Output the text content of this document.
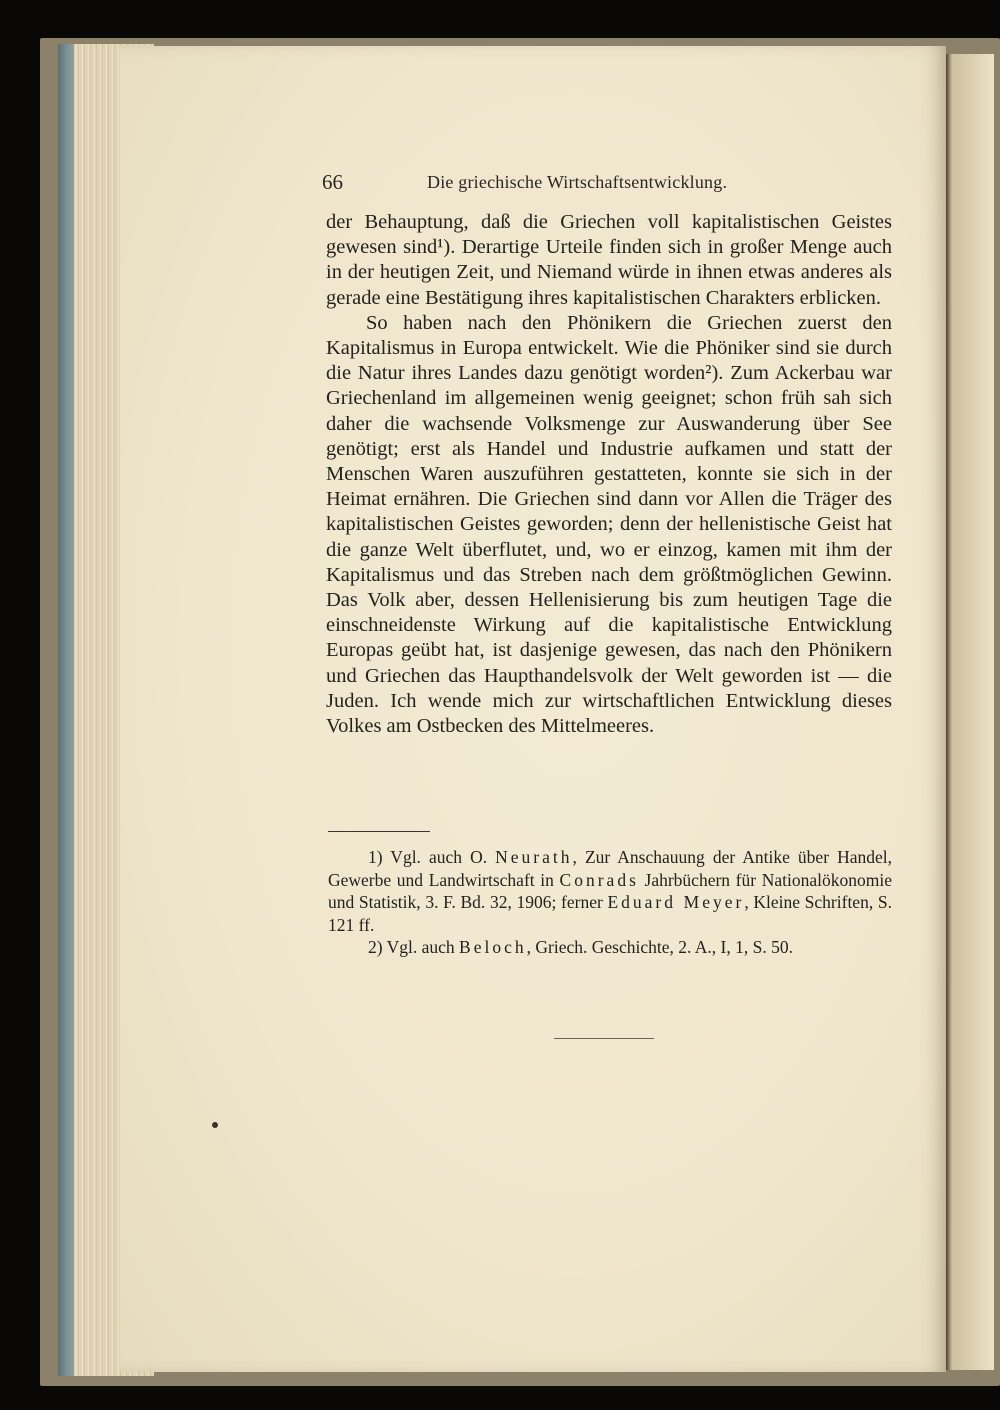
66	Die griechische Wirtschaftsentwicklung.

der Behauptung, daß die Griechen voll kapitalistischen Geistes gewesen sind¹). Derartige Urteile finden sich in großer Menge auch in der heutigen Zeit, und Niemand würde in ihnen etwas anderes als gerade eine Bestätigung ihres kapitalistischen Charakters erblicken.

So haben nach den Phönikern die Griechen zuerst den Kapitalismus in Europa entwickelt. Wie die Phöniker sind sie durch die Natur ihres Landes dazu genötigt worden²). Zum Ackerbau war Griechenland im allgemeinen wenig geeignet; schon früh sah sich daher die wachsende Volksmenge zur Auswanderung über See genötigt; erst als Handel und Industrie aufkamen und statt der Menschen Waren auszuführen gestatteten, konnte sie sich in der Heimat ernähren. Die Griechen sind dann vor Allen die Träger des kapitalistischen Geistes geworden; denn der hellenistische Geist hat die ganze Welt überflutet, und, wo er einzog, kamen mit ihm der Kapitalismus und das Streben nach dem größtmöglichen Gewinn. Das Volk aber, dessen Hellenisierung bis zum heutigen Tage die einschneidenste Wirkung auf die kapitalistische Entwicklung Europas geübt hat, ist dasjenige gewesen, das nach den Phönikern und Griechen das Haupthandelsvolk der Welt geworden ist — die Juden. Ich wende mich zur wirtschaftlichen Entwicklung dieses Volkes am Ostbecken des Mittelmeeres.

1) Vgl. auch O. Neurath, Zur Anschauung der Antike über Handel, Gewerbe und Landwirtschaft in Conrads Jahrbüchern für Nationalökonomie und Statistik, 3. F. Bd. 32, 1906; ferner Eduard Meyer, Kleine Schriften, S. 121 ff.

2) Vgl. auch Beloch, Griech. Geschichte, 2. A., I, 1, S. 50.
